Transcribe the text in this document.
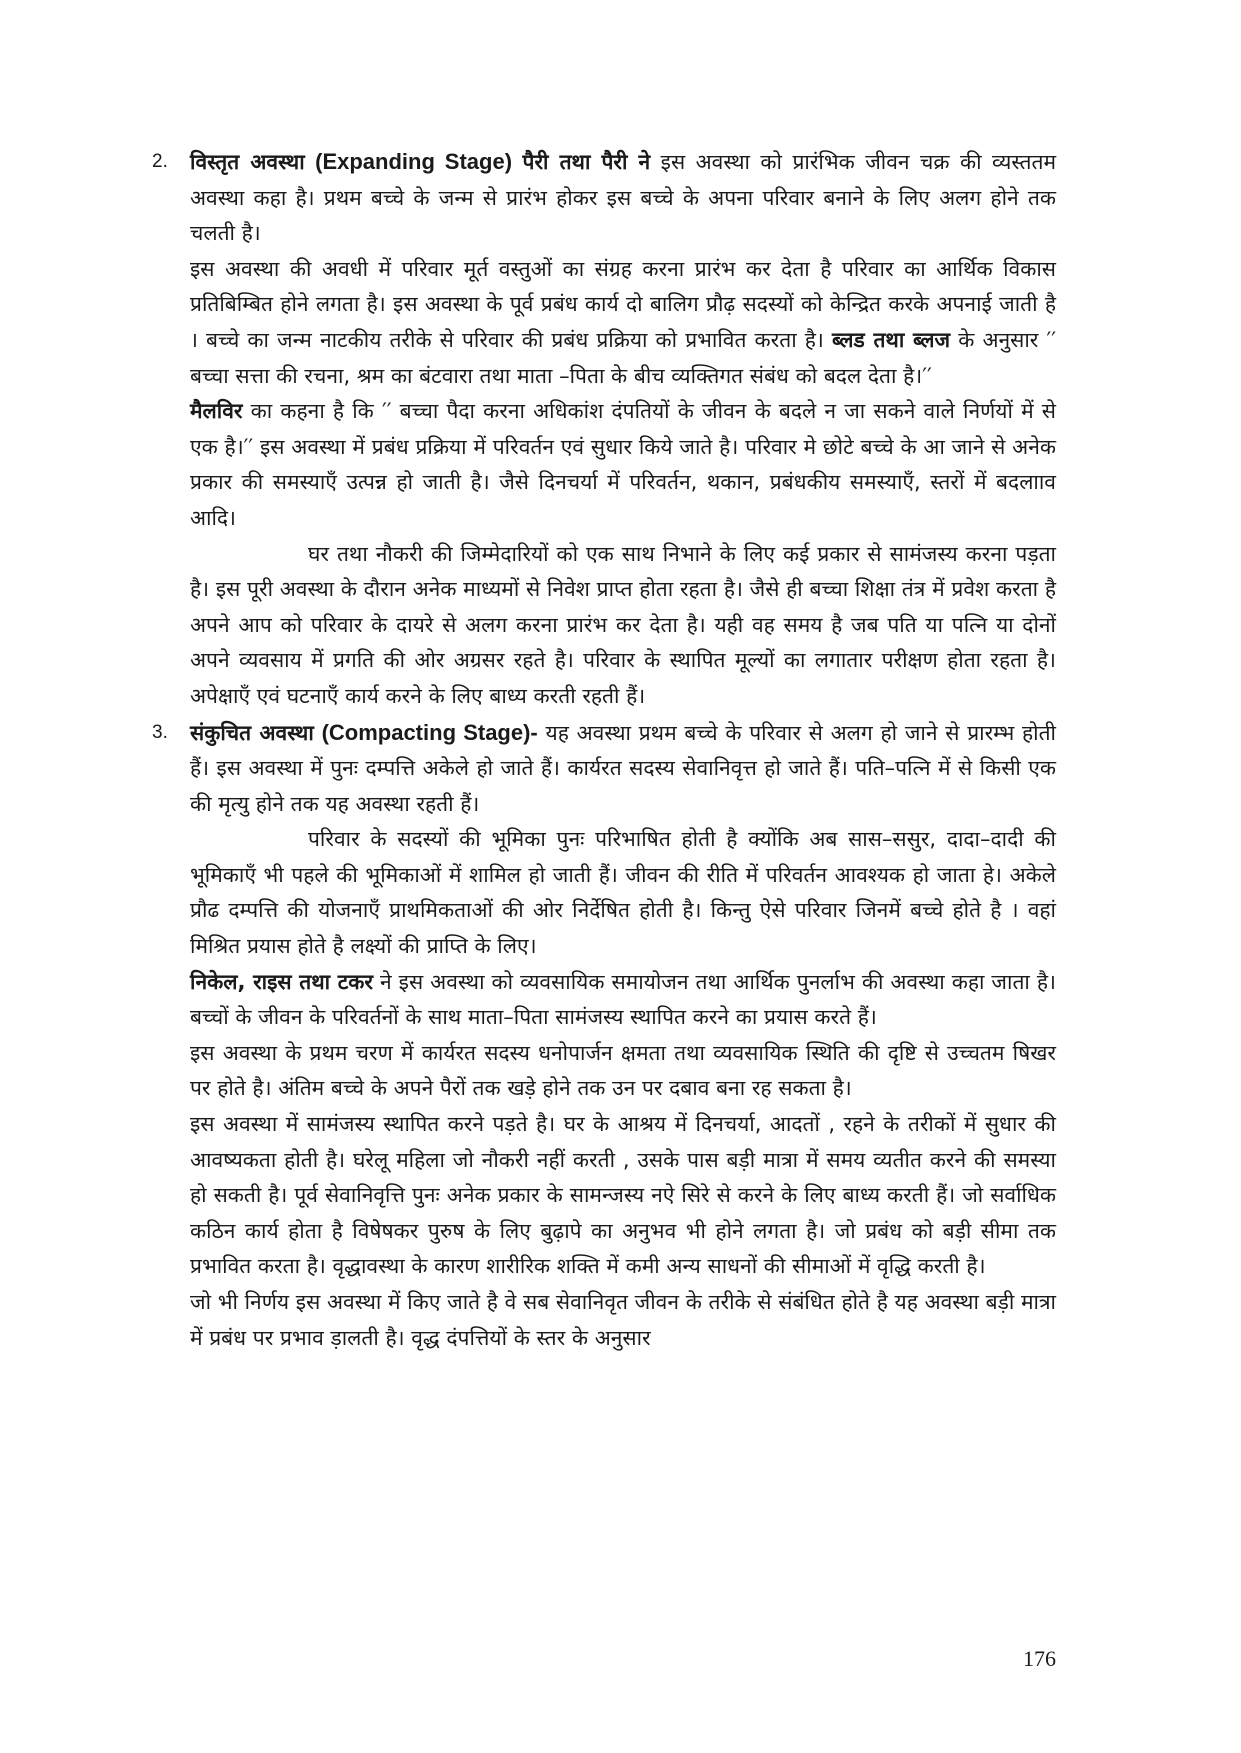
2. विस्तृत अवस्था (Expanding Stage) पैरी तथा पैरी ने इस अवस्था को प्रारंभिक जीवन चक्र की व्यस्ततम अवस्था कहा है। प्रथम बच्चे के जन्म से प्रारंभ होकर इस बच्चे के अपना परिवार बनाने के लिए अलग होने तक चलती है।

इस अवस्था की अवधी में परिवार मूर्त वस्तुओं का संग्रह करना प्रारंभ कर देता है परिवार का आर्थिक विकास प्रतिबिम्बित होने लगता है। इस अवस्था के पूर्व प्रबंध कार्य दो बालिग प्रौढ़ सदस्यों को केन्द्रित करके अपनाई जाती है । बच्चे का जन्म नाटकीय तरीके से परिवार की प्रबंध प्रक्रिया को प्रभावित करता है। ब्लड तथा ब्लज के अनुसार ′′ बच्चा सत्ता की रचना, श्रम का बंटवारा तथा माता –पिता के बीच व्यक्तिगत संबंध को बदल देता है।′′

मैलविर का कहना है कि ′′ बच्चा पैदा करना अधिकांश दंपतियों के जीवन के बदले न जा सकने वाले निर्णयों में से एक है।′′ इस अवस्था में प्रबंध प्रक्रिया में परिवर्तन एवं सुधार किये जाते है। परिवार मे छोटे बच्चे के आ जाने से अनेक प्रकार की समस्याएँ उत्पन्न हो जाती है। जैसे दिनचर्या में परिवर्तन, थकान, प्रबंधकीय समस्याएँ, स्तरों में बदलााव आदि।

घर तथा नौकरी की जिम्मेदारियों को एक साथ निभाने के लिए कई प्रकार से सामंजस्य करना पड़ता है। इस पूरी अवस्था के दौरान अनेक माध्यमों से निवेश प्राप्त होता रहता है। जैसे ही बच्चा शिक्षा तंत्र में प्रवेश करता है अपने आप को परिवार के दायरे से अलग करना प्रारंभ कर देता है। यही वह समय है जब पति या पत्नि या दोनों अपने व्यवसाय में प्रगति की ओर अग्रसर रहते है। परिवार के स्थापित मूल्यों का लगातार परीक्षण होता रहता है। अपेक्षाएँ एवं घटनाएँ कार्य करने के लिए बाध्य करती रहती हैं।

3. संकुचित अवस्था (Compacting Stage)- यह अवस्था प्रथम बच्चे के परिवार से अलग हो जाने से प्रारम्भ होती हैं। इस अवस्था में पुनः दम्पत्ति अकेले हो जाते हैं। कार्यरत सदस्य सेवानिवृत्त हो जाते हैं। पति–पत्नि में से किसी एक की मृत्यु होने तक यह अवस्था रहती हैं।

परिवार के सदस्यों की भूमिका पुनः परिभाषित होती है क्योंकि अब सास–ससुर, दादा–दादी की भूमिकाएँ भी पहले की भूमिकाओं में शामिल हो जाती हैं। जीवन की रीति में परिवर्तन आवश्यक हो जाता हे। अकेले प्रौढ दम्पत्ति की योजनाएँ प्राथमिकताओं की ओर निर्देषित होती है। किन्तु ऐसे परिवार जिनमें बच्चे होते है । वहां मिश्रित प्रयास होते है लक्ष्यों की प्राप्ति के लिए।

निकेल, राइस तथा टकर ने इस अवस्था को व्यवसायिक समायोजन तथा आर्थिक पुनर्लाभ की अवस्था कहा जाता है। बच्चों के जीवन के परिवर्तनों के साथ माता–पिता सामंजस्य स्थापित करने का प्रयास करते हैं।

इस अवस्था के प्रथम चरण में कार्यरत सदस्य धनोपार्जन क्षमता तथा व्यवसायिक स्थिति की दृष्टि से उच्चतम षिखर पर होते है। अंतिम बच्चे के अपने पैरों तक खड़े होने तक उन पर दबाव बना रह सकता है।

इस अवस्था में सामंजस्य स्थापित करने पड़ते है। घर के आश्रय में दिनचर्या, आदतों , रहने के तरीकों में सुधार की आवष्यकता होती है। घरेलू महिला जो नौकरी नहीं करती , उसके पास बड़ी मात्रा में समय व्यतीत करने की समस्या हो सकती है। पूर्व सेवानिवृत्ति पुनः अनेक प्रकार के सामन्जस्य नऐ सिरे से करने के लिए बाध्य करती हैं। जो सर्वाधिक कठिन कार्य होता है विषेषकर पुरुष के लिए बुढ़ापे का अनुभव भी होने लगता है। जो प्रबंध को बड़ी सीमा तक प्रभावित करता है। वृद्धावस्था के कारण शारीरिक शक्ति में कमी अन्य साधनों की सीमाओं में वृद्धि करती है।

जो भी निर्णय इस अवस्था में किए जाते है वे सब सेवानिवृत जीवन के तरीके से संबंधित होते है यह अवस्था बड़ी मात्रा में प्रबंध पर प्रभाव ड़ालती है। वृद्ध दंपत्तियों के स्तर के अनुसार

176
